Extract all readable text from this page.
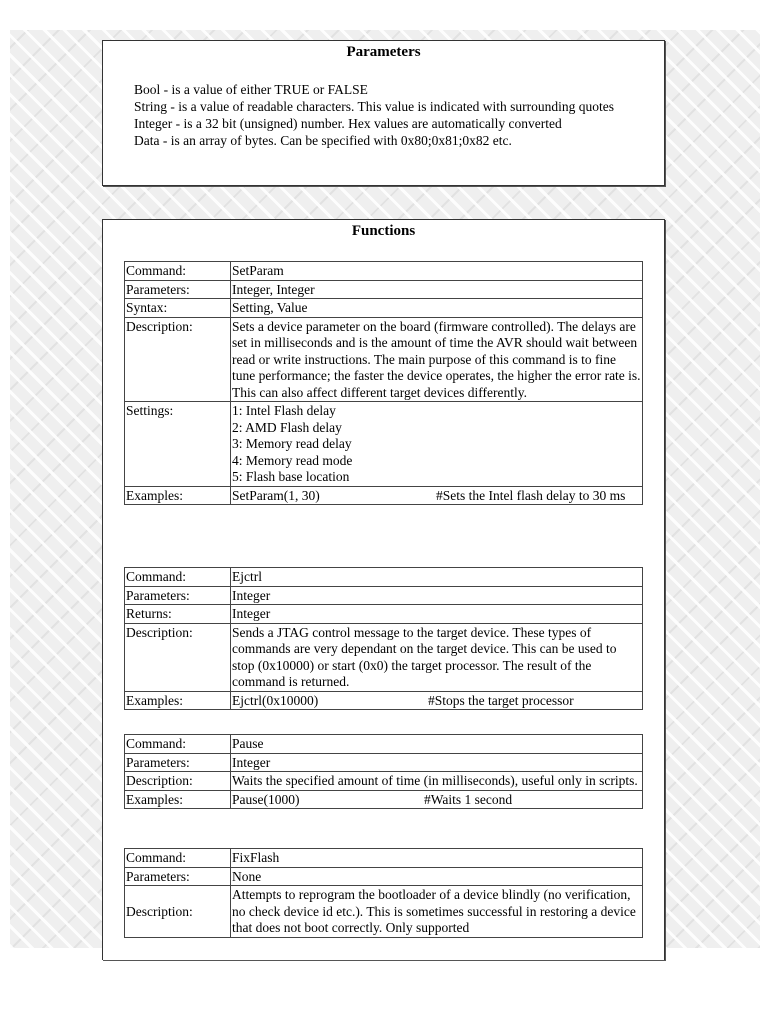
Parameters
Bool - is a value of either TRUE or FALSE
String - is a value of readable characters. This value is indicated with surrounding quotes
Integer - is a 32 bit (unsigned) number. Hex values are automatically converted
Data - is an array of bytes. Can be specified with 0x80;0x81;0x82 etc.
Functions
Command:	SetParam
Parameters:	Integer, Integer
Syntax:	Setting, Value
Description:	Sets a device parameter on the board (firmware controlled). The delays are set in milliseconds and is the amount of time the AVR should wait between read or write instructions. The main purpose of this command is to fine tune performance; the faster the device operates, the higher the error rate is. This can also affect different target devices differently.
Settings:	1: Intel Flash delay
2: AMD Flash delay
3: Memory read delay
4: Memory read mode
5: Flash base location

Examples:	SetParam(1, 30) #Sets the Intel flash delay to 30 ms
Command:	Ejctrl
Parameters:	Integer
Returns:	Integer
Description:	Sends a JTAG control message to the target device. These types of commands are very dependant on the target device. This can be used to stop (0x10000) or start (0x0) the target processor. The result of the command is returned.
Examples:	Ejctrl(0x10000) #Stops the target processor
Command:	Pause
Parameters:	Integer
Description:	Waits the specified amount of time (in milliseconds), useful only in scripts.
Examples:	Pause(1000) #Waits 1 second
Command:	FixFlash
Parameters:	None
Description:	Attempts to reprogram the bootloader of a device blindly (no verification, no check device id etc.). This is sometimes successful in restoring a device that does not boot correctly. Only supported
